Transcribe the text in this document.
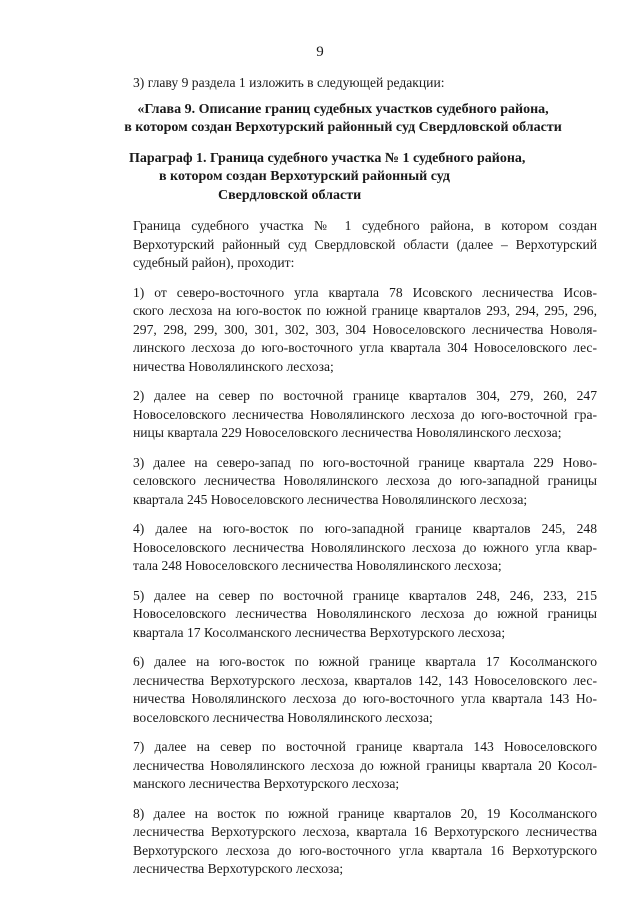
9

3) главу 9 раздела 1 изложить в следующей редакции:

«Глава 9. Описание границ судебных участков судебного района,
в котором создан Верхотурский районный суд Свердловской области
Параграф 1. Граница судебного участка № 1 судебного района,
в котором создан Верхотурский районный суд
Свердловской области
Граница судебного участка № 1 судебного района, в котором создан
Верхотурский районный суд Свердловской области (далее – Верхотурский
судебный район), проходит:
1) от северо-восточного угла квартала 78 Исовского лесничества Исов-
ского лесхоза на юго-восток по южной границе кварталов 293, 294, 295, 296,
297, 298, 299, 300, 301, 302, 303, 304 Новоселовского лесничества Новоля-
линского лесхоза до юго-восточного угла квартала 304 Новоселовского лес-
ничества Новолялинского лесхоза;
2) далее на север по восточной границе кварталов 304, 279, 260, 247
Новоселовского лесничества Новолялинского лесхоза до юго-восточной гра-
ницы квартала 229 Новоселовского лесничества Новолялинского лесхоза;
3) далее на северо-запад по юго-восточной границе квартала 229 Ново-
селовского лесничества Новолялинского лесхоза до юго-западной границы
квартала 245 Новоселовского лесничества Новолялинского лесхоза;
4) далее на юго-восток по юго-западной границе кварталов 245, 248
Новоселовского лесничества Новолялинского лесхоза до южного угла квар-
тала 248 Новоселовского лесничества Новолялинского лесхоза;
5) далее на север по восточной границе кварталов 248, 246, 233, 215
Новоселовского лесничества Новолялинского лесхоза до южной границы
квартала 17 Косолманского лесничества Верхотурского лесхоза;
6) далее на юго-восток по южной границе квартала 17 Косолманского
лесничества Верхотурского лесхоза, кварталов 142, 143 Новоселовского лес-
ничества Новолялинского лесхоза до юго-восточного угла квартала 143 Но-
воселовского лесничества Новолялинского лесхоза;
7) далее на север по восточной границе квартала 143 Новоселовского
лесничества Новолялинского лесхоза до южной границы квартала 20 Косол-
манского лесничества Верхотурского лесхоза;
8) далее на восток по южной границе кварталов 20, 19 Косолманского
лесничества Верхотурского лесхоза, квартала 16 Верхотурского лесничества
Верхотурского лесхоза до юго-восточного угла квартала 16 Верхотурского
лесничества Верхотурского лесхоза;
